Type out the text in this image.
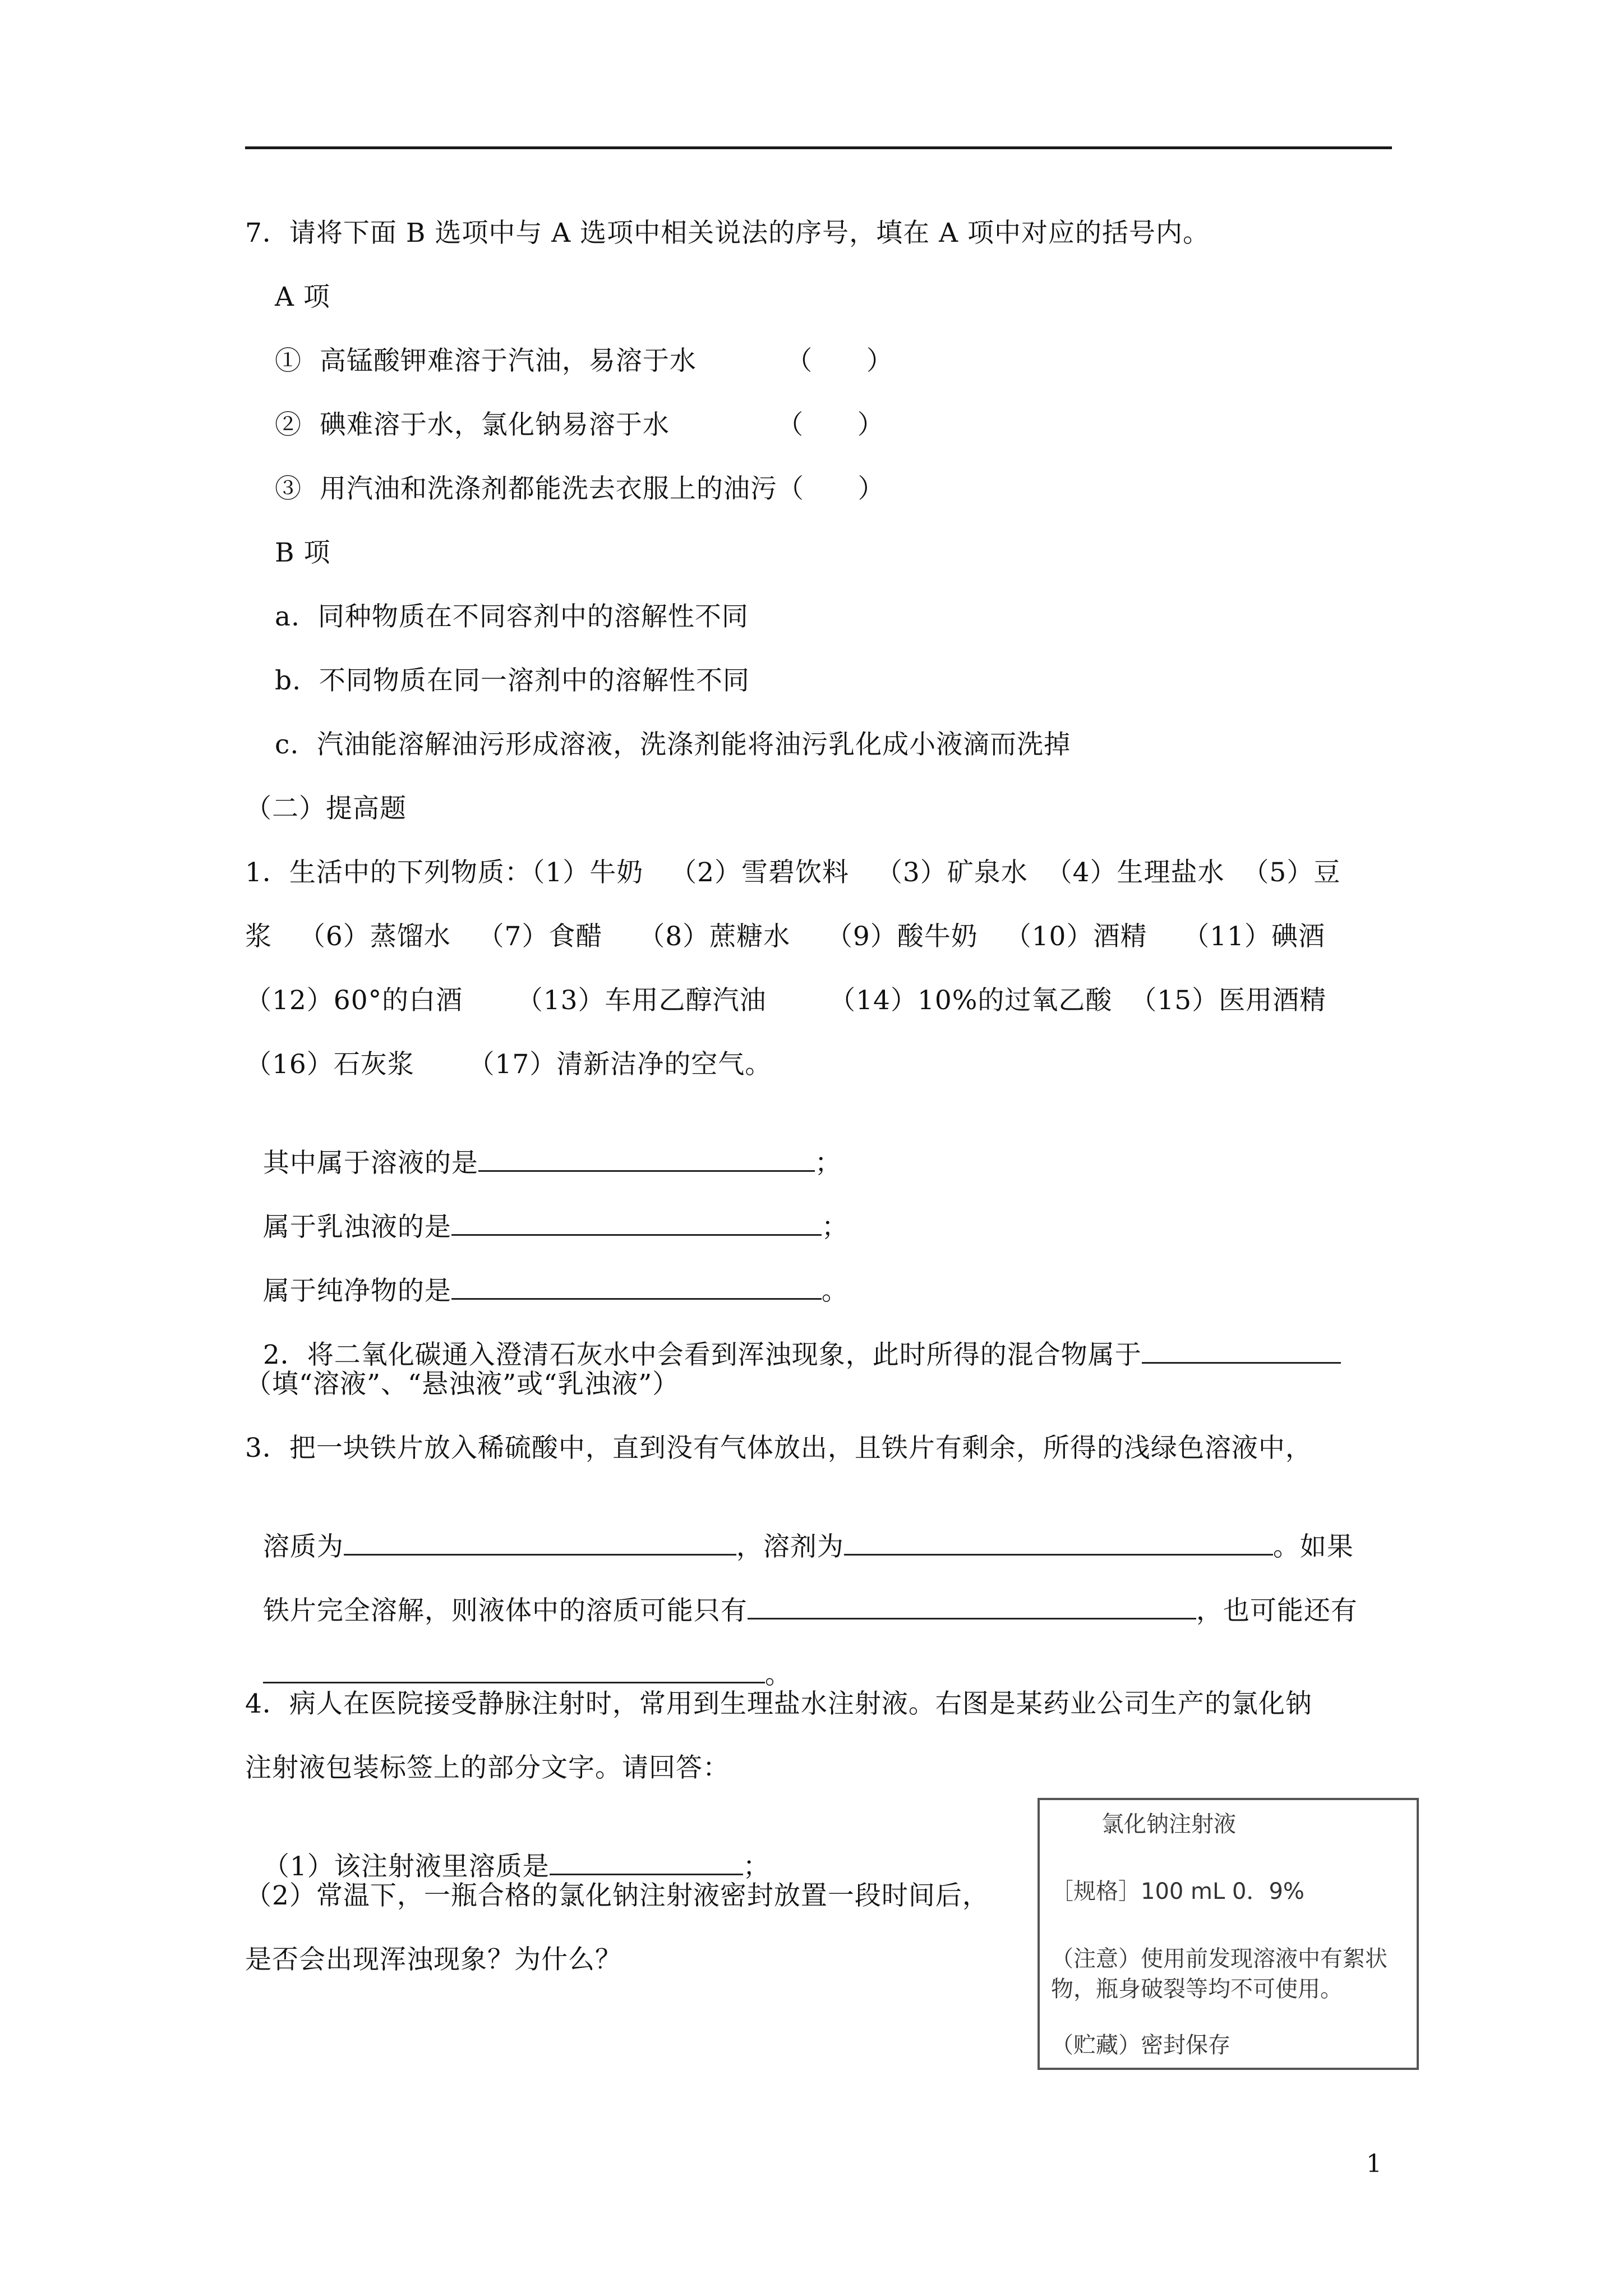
7．请将下面 B 选项中与 A 选项中相关说法的序号，填在 A 项中对应的括号内。
A 项
①  高锰酸钾难溶于汽油，易溶于水          （      ）
②  碘难溶于水，氯化钠易溶于水            （      ）
③  用汽油和洗涤剂都能洗去衣服上的油污（      ）
B 项
a.  同种物质在不同容剂中的溶解性不同
b.  不同物质在同一溶剂中的溶解性不同
c.  汽油能溶解油污形成溶液，洗涤剂能将油污乳化成小液滴而洗掉
（二）提高题
1．生活中的下列物质：（1）牛奶   （2）雪碧饮料   （3）矿泉水  （4）生理盐水  （5）豆
浆   （6）蒸馏水   （7）食醋    （8）蔗糖水    （9）酸牛奶   （10）酒精    （11）碘酒
（12）60°的白酒      （13）车用乙醇汽油       （14）10%的过氧乙酸  （15）医用酒精
（16）石灰浆      （17）清新洁净的空气。

其中属于溶液的是	；

属于乳浊液的是	；

属于纯净物的是	。

2．将二氧化碳通入澄清石灰水中会看到浑浊现象，此时所得的混合物属于

（填“溶液”、“悬浊液”或“乳浊液”）
3．把一块铁片放入稀硫酸中，直到没有气体放出，且铁片有剩余，所得的浅绿色溶液中，

溶质为	，溶剂为	。如果

铁片完全溶解，则液体中的溶质可能只有	，也可能还有

。

4．病人在医院接受静脉注射时，常用到生理盐水注射液。右图是某药业公司生产的氯化钠
注射液包装标签上的部分文字。请回答：

（1）该注射液里溶质是	；

（2）常温下，一瓶合格的氯化钠注射液密封放置一段时间后，
是否会出现浑浊现象？为什么？
氯化钠注射液
［规格］100 mL 0．9%
（注意）使用前发现溶液中有絮状
物，瓶身破裂等均不可使用。
（贮藏）密封保存
1
